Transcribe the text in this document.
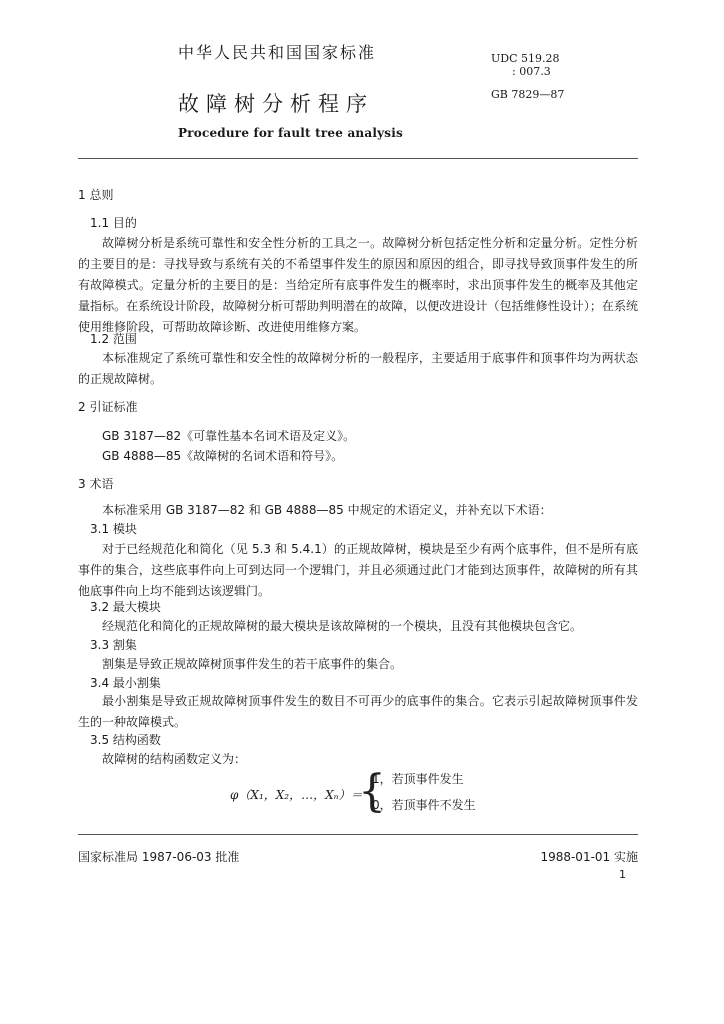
中华人民共和国国家标准
故障树分析程序
Procedure for fault tree analysis
UDC 519.28
: 007.3
GB 7829—87
1 总则
1.1 目的
故障树分析是系统可靠性和安全性分析的工具之一。故障树分析包括定性分析和定量分析。定性分析的主要目的是：寻找导致与系统有关的不希望事件发生的原因和原因的组合，即寻找导致顶事件发生的所有故障模式。定量分析的主要目的是：当给定所有底事件发生的概率时，求出顶事件发生的概率及其他定量指标。在系统设计阶段，故障树分析可帮助判明潜在的故障，以便改进设计（包括维修性设计）；在系统使用维修阶段，可帮助故障诊断、改进使用维修方案。
1.2 范围
本标准规定了系统可靠性和安全性的故障树分析的一般程序，主要适用于底事件和顶事件均为两状态的正规故障树。
2 引证标准
GB 3187—82《可靠性基本名词术语及定义》。
GB 4888—85《故障树的名词术语和符号》。
3 术语
本标准采用 GB 3187—82 和 GB 4888—85 中规定的术语定义，并补充以下术语：
3.1 模块
对于已经规范化和简化（见 5.3 和 5.4.1）的正规故障树，模块是至少有两个底事件，但不是所有底事件的集合，这些底事件向上可到达同一个逻辑门，并且必须通过此门才能到达顶事件，故障树的所有其他底事件向上均不能到达该逻辑门。
3.2 最大模块
经规范化和简化的正规故障树的最大模块是该故障树的一个模块，且没有其他模块包含它。
3.3 割集
割集是导致正规故障树顶事件发生的若干底事件的集合。
3.4 最小割集
最小割集是导致正规故障树顶事件发生的数目不可再少的底事件的集合。它表示引起故障树顶事件发生的一种故障模式。
3.5 结构函数
故障树的结构函数定义为：
φ（X₁，X₂，…，Xₙ）＝
{
1，若顶事件发生
0，若顶事件不发生
国家标准局 1987-06-03 批准	1988-01-01 实施
1
